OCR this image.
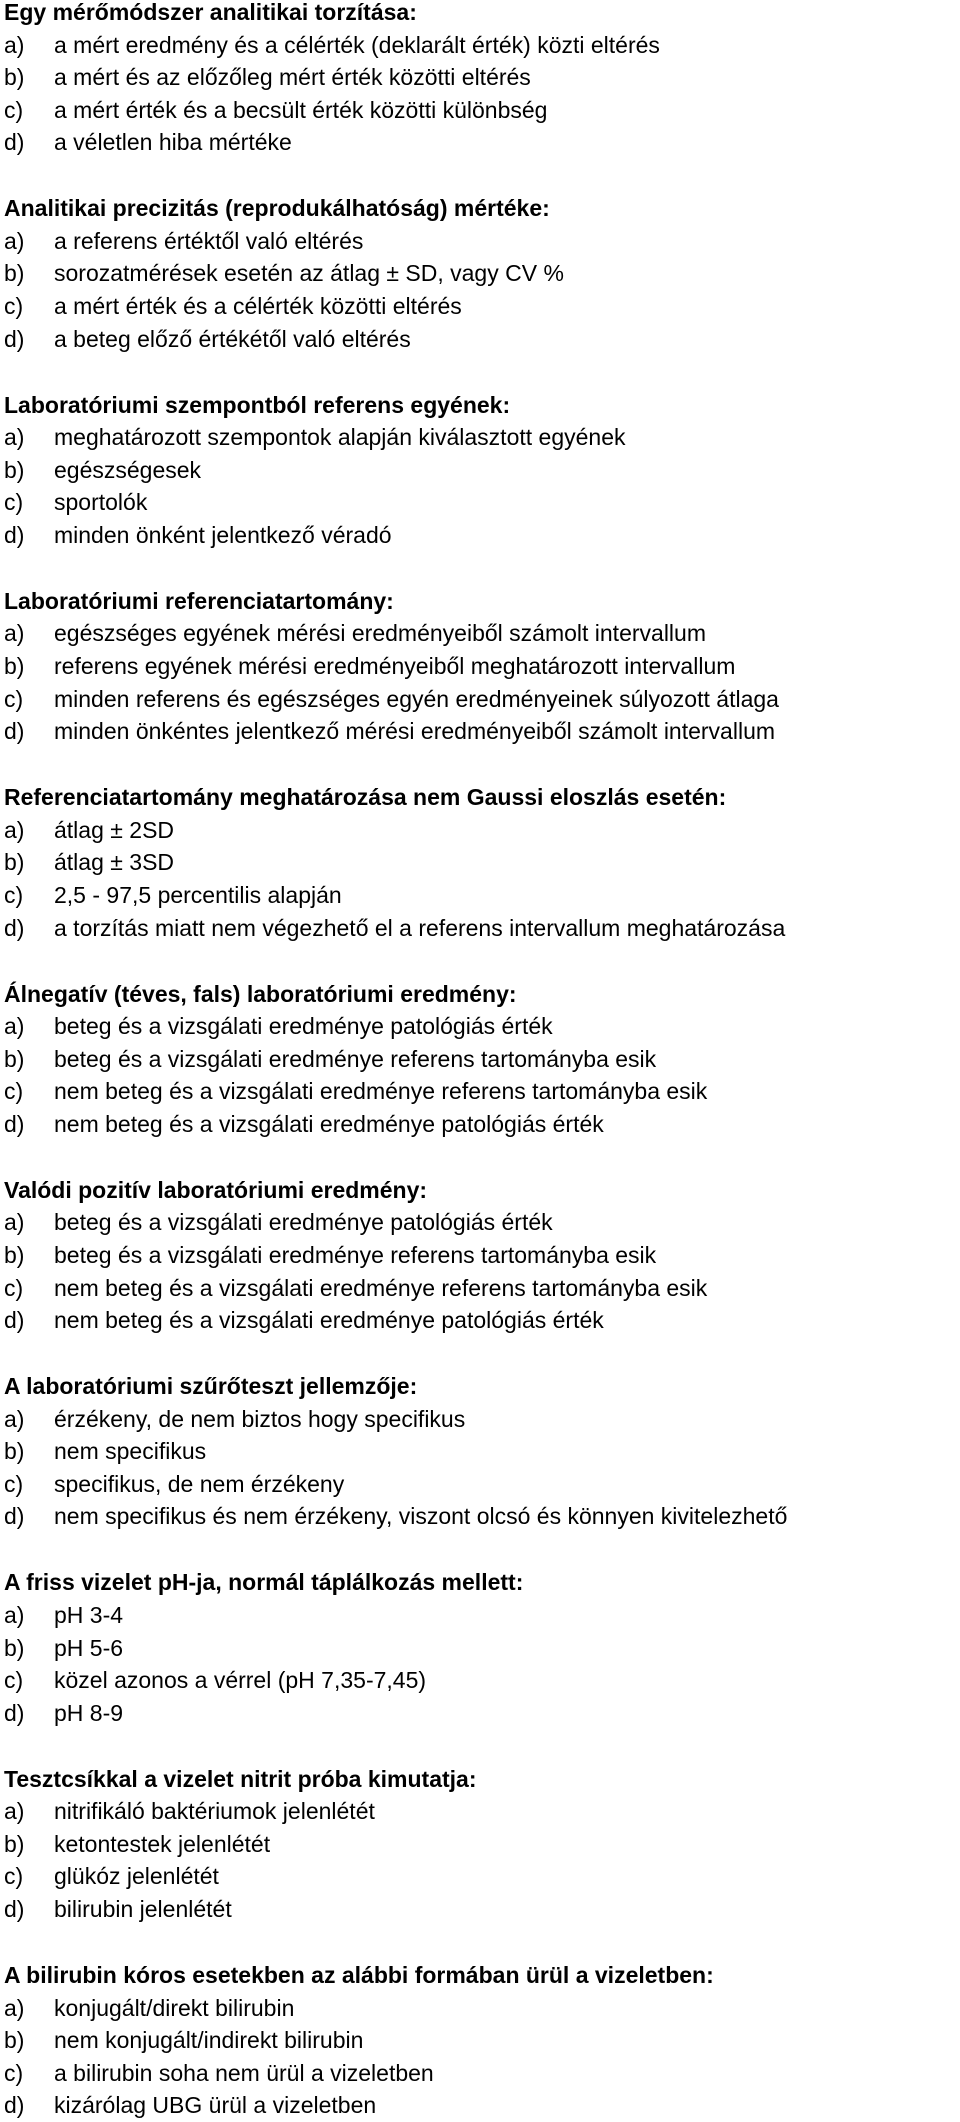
Egy mérőmódszer analitikai torzítása:
a)	a mért eredmény és a célérték (deklarált érték) közti eltérés
b)	a mért és az előzőleg mért érték közötti eltérés
c)	a mért érték és a becsült érték közötti különbség
d)	a véletlen hiba mértéke
Analitikai precizitás (reprodukálhatóság) mértéke:
a)	a referens értéktől való eltérés
b)	sorozatmérések esetén az átlag ± SD, vagy CV %
c)	a mért érték és a célérték közötti eltérés
d)	a beteg előző értékétől való eltérés
Laboratóriumi szempontból referens egyének:
a)	meghatározott szempontok alapján kiválasztott egyének
b)	egészségesek
c)	sportolók
d)	minden önként jelentkező véradó
Laboratóriumi referenciatartomány:
a)	egészséges egyének mérési eredményeiből számolt intervallum
b)	referens egyének mérési eredményeiből meghatározott intervallum
c)	minden referens és egészséges egyén eredményeinek súlyozott átlaga
d)	minden önkéntes jelentkező mérési eredményeiből számolt intervallum
Referenciatartomány meghatározása nem Gaussi eloszlás esetén:
a)	átlag ± 2SD
b)	átlag ± 3SD
c)	2,5 - 97,5 percentilis alapján
d)	a torzítás miatt nem végezhető el a referens intervallum meghatározása
Álnegatív (téves, fals) laboratóriumi eredmény:
a)	beteg és a vizsgálati eredménye patológiás érték
b)	beteg és a vizsgálati eredménye referens tartományba esik
c)	nem beteg és a vizsgálati eredménye referens tartományba esik
d)	nem beteg és a vizsgálati eredménye patológiás érték
Valódi pozitív laboratóriumi eredmény:
a)	beteg és a vizsgálati eredménye patológiás érték
b)	beteg és a vizsgálati eredménye referens tartományba esik
c)	nem beteg és a vizsgálati eredménye referens tartományba esik
d)	nem beteg és a vizsgálati eredménye patológiás érték
A laboratóriumi szűrőteszt jellemzője:
a)	érzékeny, de nem biztos hogy specifikus
b)	nem specifikus
c)	specifikus, de nem érzékeny
d)	nem specifikus és nem érzékeny, viszont olcsó és könnyen kivitelezhető
A friss vizelet pH-ja, normál táplálkozás mellett:
a)	pH 3-4
b)	pH 5-6
c)	közel azonos a vérrel (pH 7,35-7,45)
d)	pH 8-9
Tesztcsíkkal a vizelet nitrit próba kimutatja:
a)	nitrifikáló baktériumok jelenlétét
b)	ketontestek jelenlétét
c)	glükóz jelenlétét
d)	bilirubin jelenlétét
A bilirubin kóros esetekben az alábbi formában ürül a vizeletben:
a)	konjugált/direkt bilirubin
b)	nem konjugált/indirekt bilirubin
c)	a bilirubin soha nem ürül a vizeletben
d)	kizárólag UBG ürül a vizeletben
